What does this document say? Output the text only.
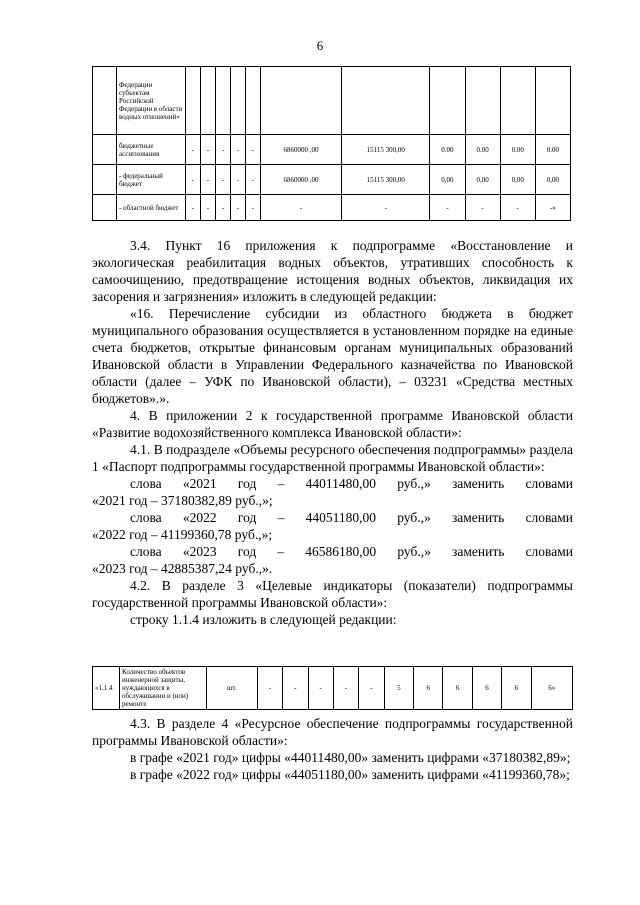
6
	Федерации субъектам Российской Федерации в области водных отношений»											
	бюджетные ассигнования	-	-	-	-	-	6860000 ,00	15115 300,00	0.00	0.00	0.00	0.00
	- федеральный бюджет	-	-	-	-	-	6860000 ,00	15115 300,00	0,00	0,00	0,00	0,00
	- областной бюджет	-	-	-	-	-	-	-	-	-	-	-»

3.4. Пункт 16 приложения к подпрограмме «Восстановление и экологическая реабилитация водных объектов, утративших способность к самоочищению, предотвращение истощения водных объектов, ликвидация их засорения и загрязнения» изложить в следующей редакции:

«16. Перечисление субсидии из областного бюджета в бюджет муниципального образования осуществляется в установленном порядке на единые счета бюджетов, открытые финансовым органам муниципальных образований Ивановской области в Управлении Федерального казначейства по Ивановской области (далее – УФК по Ивановской области), – 03231 «Средства местных бюджетов».».

4. В приложении 2 к государственной программе Ивановской области «Развитие водохозяйственного комплекса Ивановской области»:

4.1. В подразделе «Объемы ресурсного обеспечения подпрограммы» раздела 1 «Паспорт подпрограммы государственной программы Ивановской области»:

слова «2021 год – 44011480,00 руб.,» заменить словами

«2021 год – 37180382,89 руб.,»;

слова «2022 год – 44051180,00 руб.,» заменить словами

«2022 год – 41199360,78 руб.,»;

слова «2023 год – 46586180,00 руб.,» заменить словами

«2023 год – 42885387,24 руб.,».

4.2. В разделе 3 «Целевые индикаторы (показатели) подпрограммы государственной программы Ивановской области»:

строку 1.1.4 изложить в следующей редакции:

«1.1.4	Количество объектов инженерной защиты, нуждающихся в обслуживании и (или) ремонте	шт.	-	-	-	-	-	5	6	6	6	6	6»

4.3. В разделе 4 «Ресурсное обеспечение подпрограммы государственной программы Ивановской области»:

в графе «2021 год» цифры «44011480,00» заменить цифрами «37180382,89»;

в графе «2022 год» цифры «44051180,00» заменить цифрами «41199360,78»;
